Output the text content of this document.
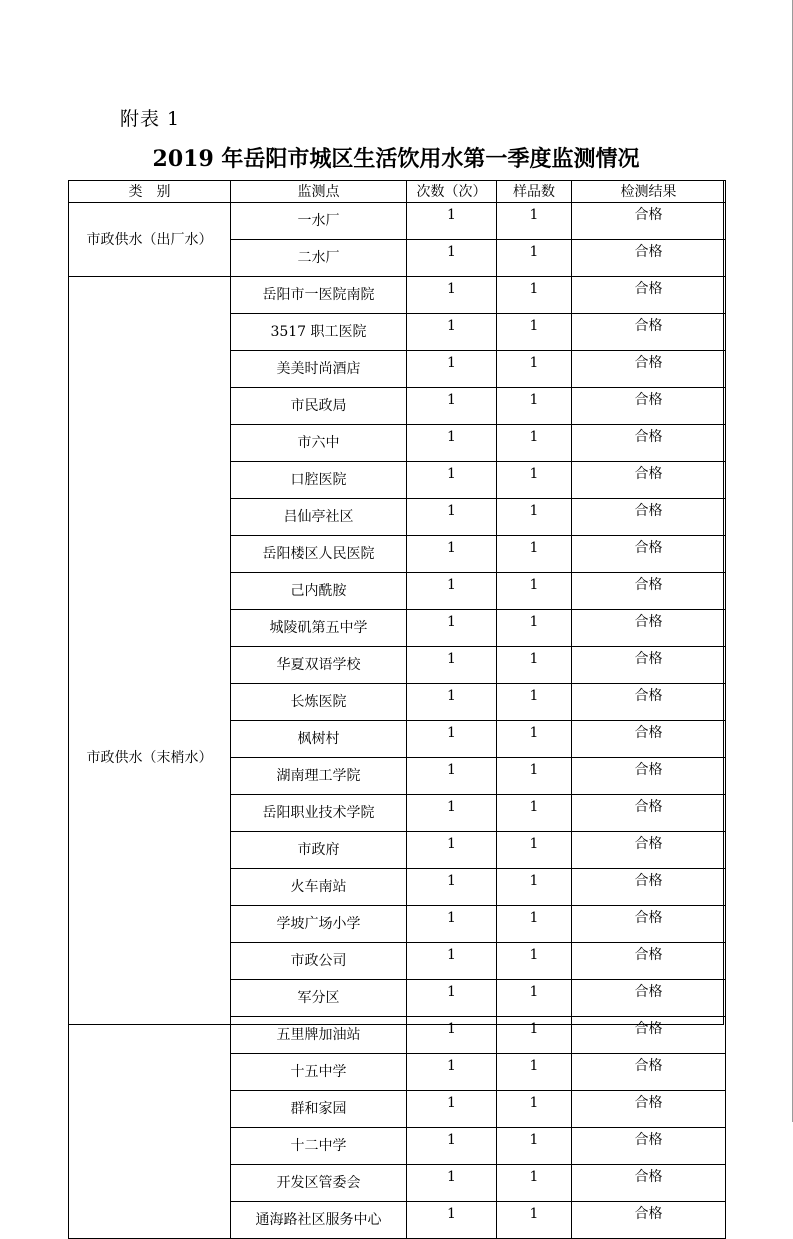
附表 1
2019 年岳阳市城区生活饮用水第一季度监测情况
类　别	监测点	次数（次）	样品数	检测结果
市政供水（出厂水）	一水厂	1	1	合格
	二水厂	1	1	合格
市政供水（末梢水）	岳阳市一医院南院	1	1	合格
	3517 职工医院	1	1	合格
	美美时尚酒店	1	1	合格
	市民政局	1	1	合格
	市六中	1	1	合格
	口腔医院	1	1	合格
	吕仙亭社区	1	1	合格
	岳阳楼区人民医院	1	1	合格
	己内酰胺	1	1	合格
	城陵矶第五中学	1	1	合格
	华夏双语学校	1	1	合格
	长炼医院	1	1	合格
	枫树村	1	1	合格
	湖南理工学院	1	1	合格
	岳阳职业技术学院	1	1	合格
	市政府	1	1	合格
	火车南站	1	1	合格
	学坡广场小学	1	1	合格
	市政公司	1	1	合格
	军分区	1	1	合格
	五里牌加油站	1	1	合格
	十五中学	1	1	合格
	群和家园	1	1	合格
	十二中学	1	1	合格
	开发区管委会	1	1	合格
	通海路社区服务中心	1	1	合格
